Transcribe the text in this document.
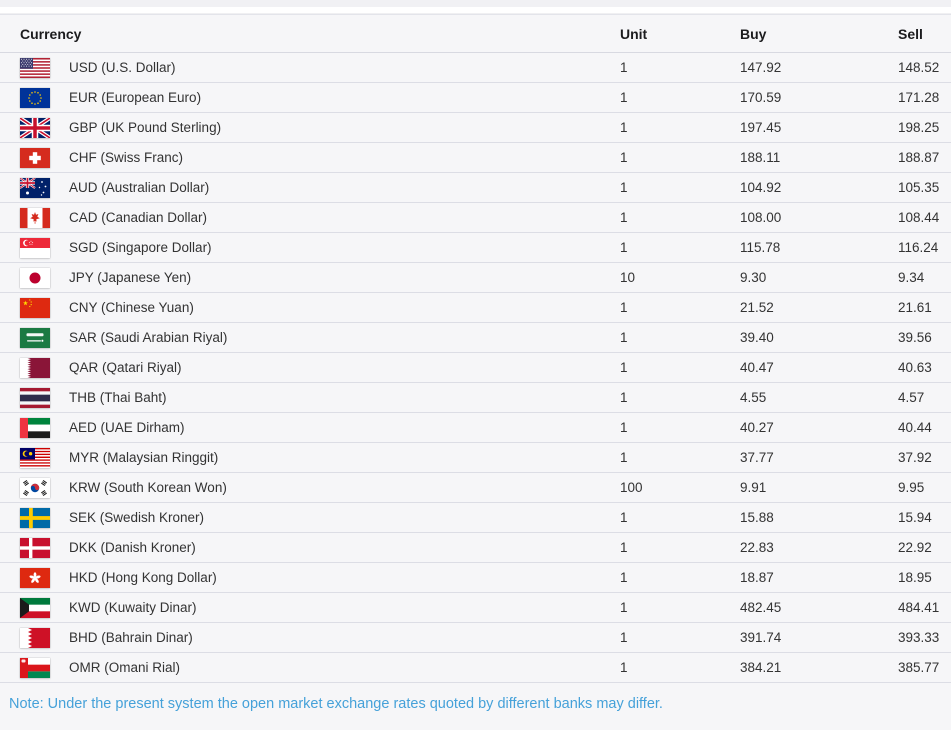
Currency	Unit	Buy	Sell
USD (U.S. Dollar)	1	147.92	148.52
EUR (European Euro)	1	170.59	171.28
GBP (UK Pound Sterling)	1	197.45	198.25
CHF (Swiss Franc)	1	188.11	188.87
AUD (Australian Dollar)	1	104.92	105.35
CAD (Canadian Dollar)	1	108.00	108.44
SGD (Singapore Dollar)	1	115.78	116.24
JPY (Japanese Yen)	10	9.30	9.34
CNY (Chinese Yuan)	1	21.52	21.61
SAR (Saudi Arabian Riyal)	1	39.40	39.56
QAR (Qatari Riyal)	1	40.47	40.63
THB (Thai Baht)	1	4.55	4.57
AED (UAE Dirham)	1	40.27	40.44
MYR (Malaysian Ringgit)	1	37.77	37.92
KRW (South Korean Won)	100	9.91	9.95
SEK (Swedish Kroner)	1	15.88	15.94
DKK (Danish Kroner)	1	22.83	22.92
HKD (Hong Kong Dollar)	1	18.87	18.95
KWD (Kuwaity Dinar)	1	482.45	484.41
BHD (Bahrain Dinar)	1	391.74	393.33
OMR (Omani Rial)	1	384.21	385.77
Note: Under the present system the open market exchange rates quoted by different banks may differ.
